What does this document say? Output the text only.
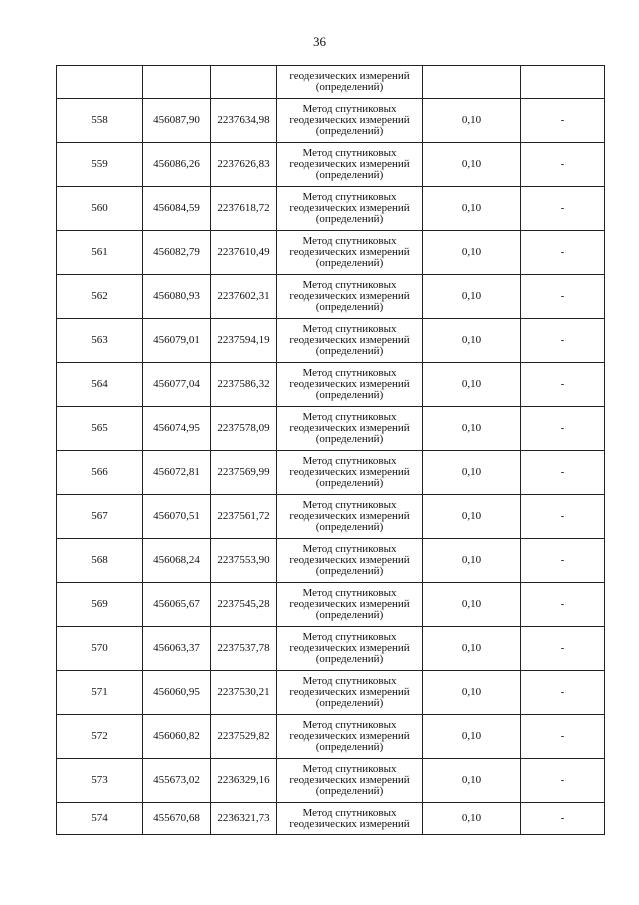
36

			геодезических измерений
(определений)		

558	456087,90	2237634,98	Метод спутниковых
геодезических измерений
(определений)	0,10	-
559	456086,26	2237626,83	Метод спутниковых
геодезических измерений
(определений)	0,10	-
560	456084,59	2237618,72	Метод спутниковых
геодезических измерений
(определений)	0,10	-
561	456082,79	2237610,49	Метод спутниковых
геодезических измерений
(определений)	0,10	-
562	456080,93	2237602,31	Метод спутниковых
геодезических измерений
(определений)	0,10	-
563	456079,01	2237594,19	Метод спутниковых
геодезических измерений
(определений)	0,10	-
564	456077,04	2237586,32	Метод спутниковых
геодезических измерений
(определений)	0,10	-
565	456074,95	2237578,09	Метод спутниковых
геодезических измерений
(определений)	0,10	-
566	456072,81	2237569,99	Метод спутниковых
геодезических измерений
(определений)	0,10	-
567	456070,51	2237561,72	Метод спутниковых
геодезических измерений
(определений)	0,10	-
568	456068,24	2237553,90	Метод спутниковых
геодезических измерений
(определений)	0,10	-
569	456065,67	2237545,28	Метод спутниковых
геодезических измерений
(определений)	0,10	-
570	456063,37	2237537,78	Метод спутниковых
геодезических измерений
(определений)	0,10	-
571	456060,95	2237530,21	Метод спутниковых
геодезических измерений
(определений)	0,10	-
572	456060,82	2237529,82	Метод спутниковых
геодезических измерений
(определений)	0,10	-
573	455673,02	2236329,16	Метод спутниковых
геодезических измерений
(определений)	0,10	-
574	455670,68	2236321,73	Метод спутниковых
геодезических измерений	0,10	-
